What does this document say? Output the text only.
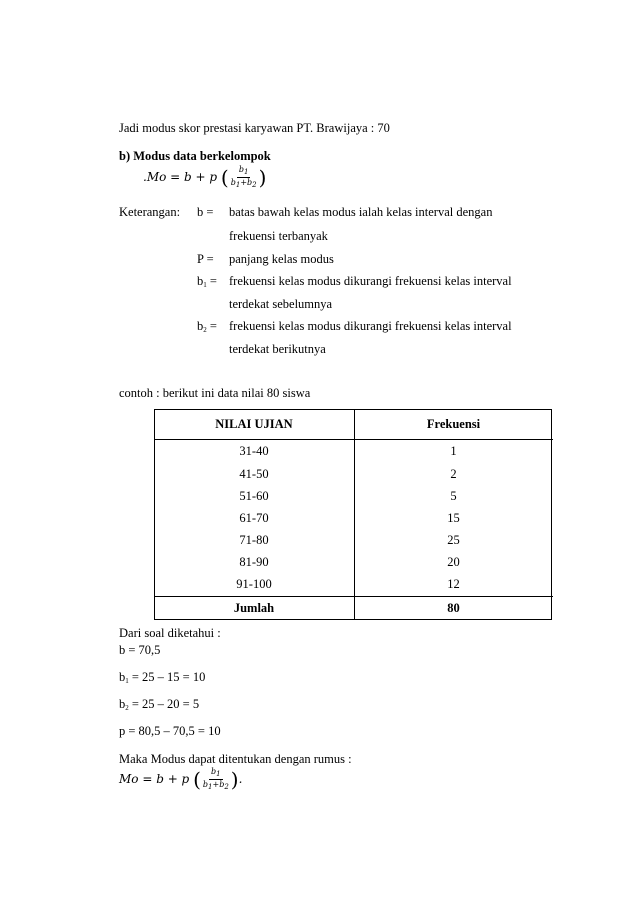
Jadi modus skor prestasi karyawan PT. Brawijaya : 70
b) Modus data berkelompok
.Mo = b + p ( $\frac{b1}{b1+b2}$ )
Keterangan: b = batas bawah kelas modus ialah kelas interval dengan
frekuensi terbanyak
P = panjang kelas modus
$b_1$ = frekuensi kelas modus dikurangi frekuensi kelas interval
terdekat sebelumnya
$b_2$ = frekuensi kelas modus dikurangi frekuensi kelas interval
terdekat berikutnya
contoh : berikut ini data nilai 80 siswa
NILAI UJIAN	Frekuensi
31-40	1
41-50	2
51-60	5
61-70	15
71-80	25
81-90	20
91-100	12
Jumlah	80
Dari soal diketahui :
b = 70,5
$b_1 = 25 - 15 = 10$
$b_2 = 25 - 20 = 5$
p = 80,5 – 70,5 = 10
Maka Modus dapat ditentukan dengan rumus :
Mo = b + p ( $\frac{b1}{b1+b2}$ ).
